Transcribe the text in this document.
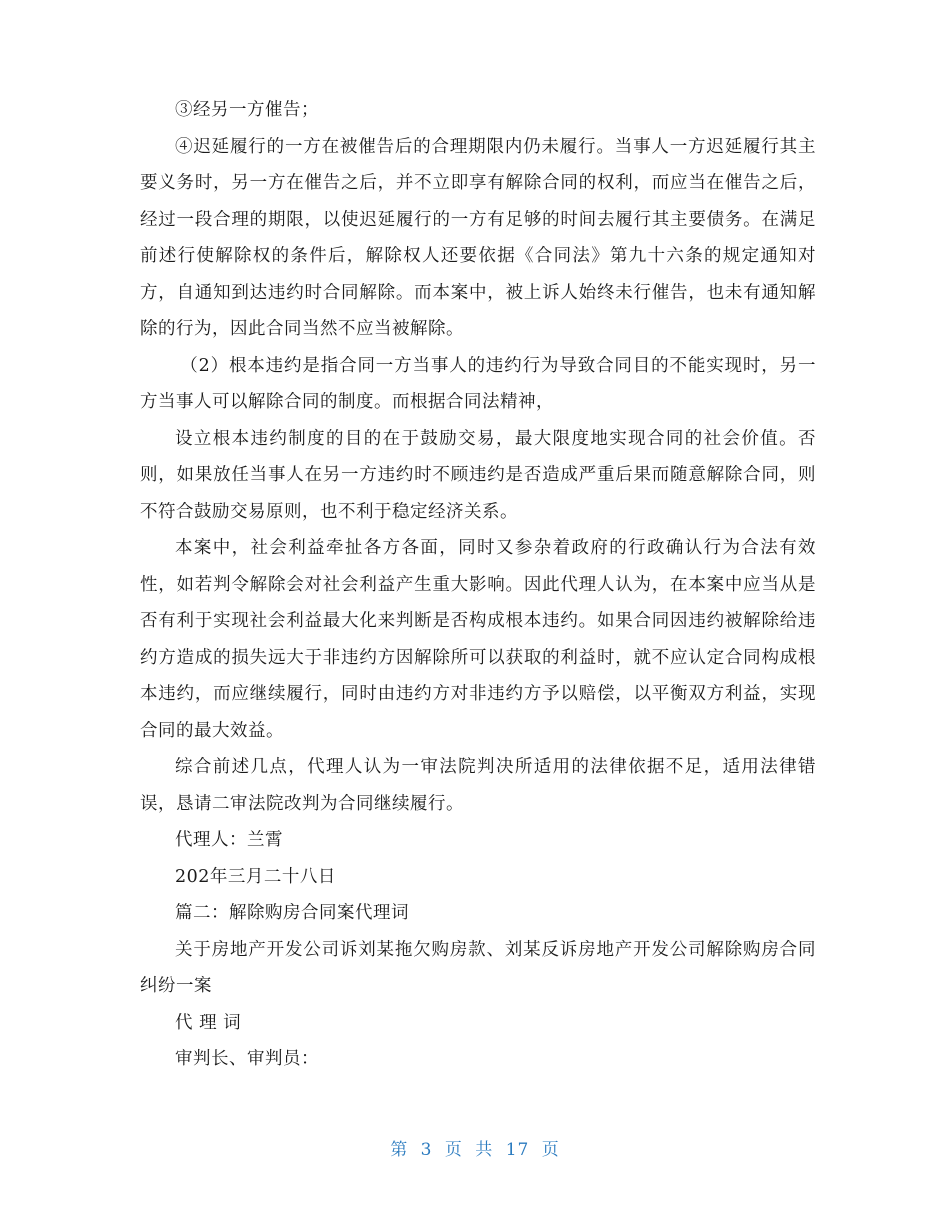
③经另一方催告；

④迟延履行的一方在被催告后的合理期限内仍未履行。当事人一方迟延履行其主要义务时，另一方在催告之后，并不立即享有解除合同的权利，而应当在催告之后，经过一段合理的期限，以使迟延履行的一方有足够的时间去履行其主要债务。在满足前述行使解除权的条件后，解除权人还要依据《合同法》第九十六条的规定通知对方，自通知到达违约时合同解除。而本案中，被上诉人始终未行催告，也未有通知解除的行为，因此合同当然不应当被解除。

（2）根本违约是指合同一方当事人的违约行为导致合同目的不能实现时，另一方当事人可以解除合同的制度。而根据合同法精神，

设立根本违约制度的目的在于鼓励交易，最大限度地实现合同的社会价值。否则，如果放任当事人在另一方违约时不顾违约是否造成严重后果而随意解除合同，则不符合鼓励交易原则，也不利于稳定经济关系。

本案中，社会利益牵扯各方各面，同时又参杂着政府的行政确认行为合法有效性，如若判令解除会对社会利益产生重大影响。因此代理人认为，在本案中应当从是否有利于实现社会利益最大化来判断是否构成根本违约。如果合同因违约被解除给违约方造成的损失远大于非违约方因解除所可以获取的利益时，就不应认定合同构成根本违约，而应继续履行，同时由违约方对非违约方予以赔偿，以平衡双方利益，实现合同的最大效益。

综合前述几点，代理人认为一审法院判决所适用的法律依据不足，适用法律错误，恳请二审法院改判为合同继续履行。

代理人：兰霄

202年三月二十八日

篇二：解除购房合同案代理词

关于房地产开发公司诉刘某拖欠购房款、刘某反诉房地产开发公司解除购房合同纠纷一案

代 理 词

审判长、审判员：

第 3 页 共 17 页
